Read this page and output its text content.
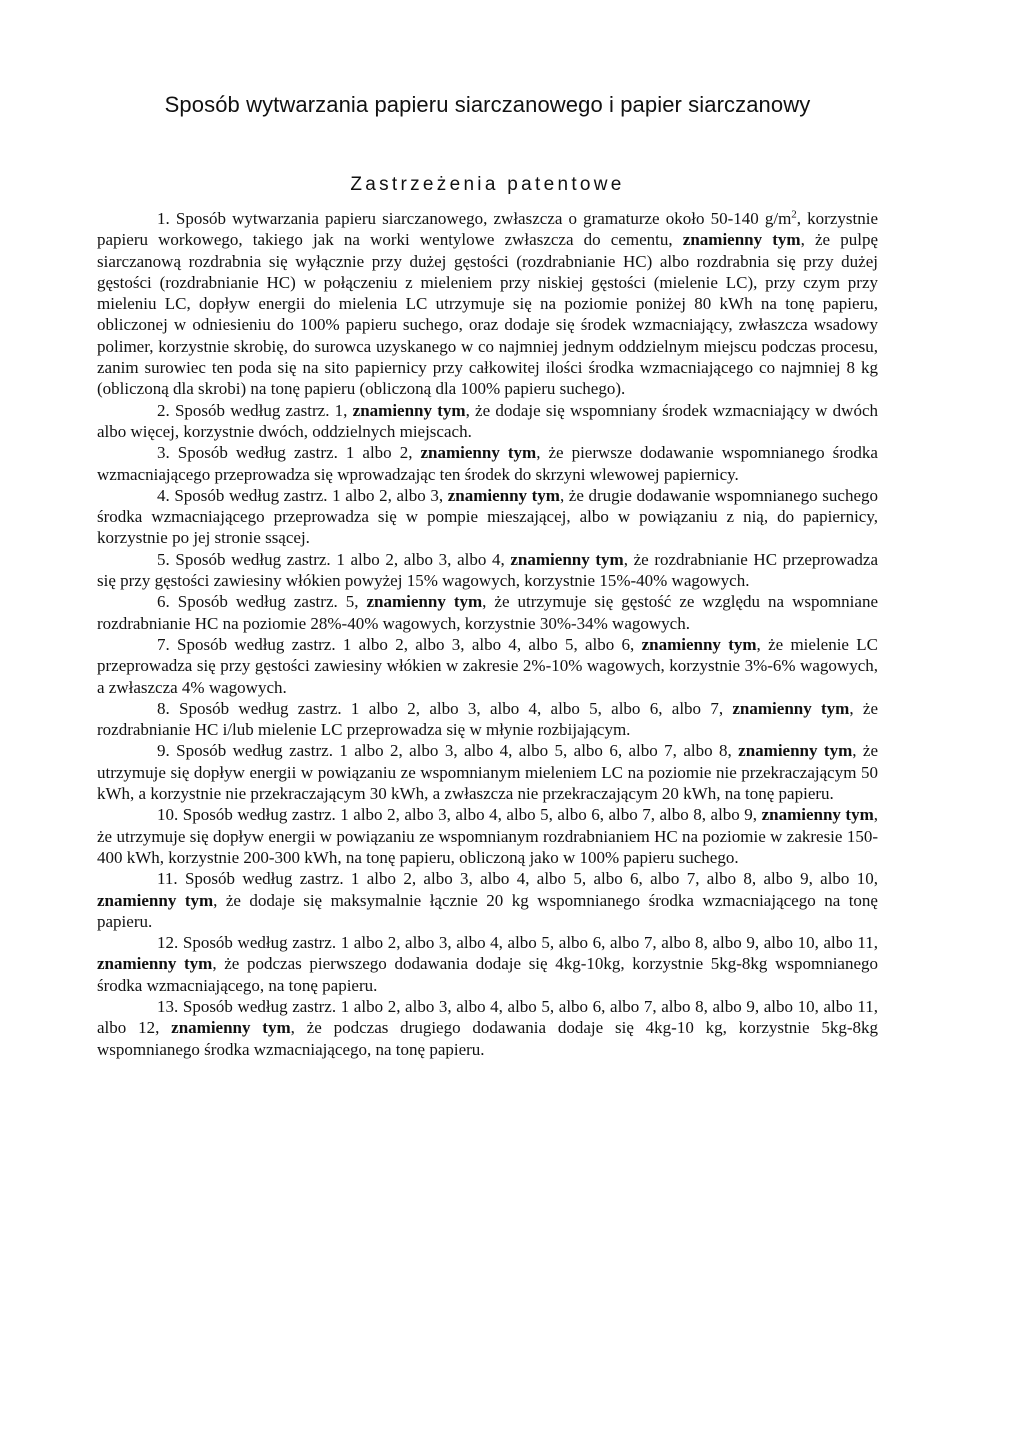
Sposób wytwarzania papieru siarczanowego i papier siarczanowy
Zastrzeżenia patentowe

1. Sposób wytwarzania papieru siarczanowego, zwłaszcza o gramaturze około 50-140 $g/m^2$, korzystnie papieru workowego, takiego jak na worki wentylowe zwłaszcza do cementu, znamienny tym, że pulpę siarczanową rozdrabnia się wyłącznie przy dużej gęstości (rozdrabnianie HC) albo rozdrabnia się przy dużej gęstości (rozdrabnianie HC) w połączeniu z mieleniem przy niskiej gęstości (mielenie LC), przy czym przy mieleniu LC, dopływ energii do mielenia LC utrzymuje się na poziomie poniżej 80 kWh na tonę papieru, obliczonej w odniesieniu do 100% papieru suchego, oraz dodaje się środek wzmacniający, zwłaszcza wsadowy polimer, korzystnie skrobię, do surowca uzyskanego w co najmniej jednym oddzielnym miejscu podczas procesu, zanim surowiec ten poda się na sito papiernicy przy całkowitej ilości środka wzmacniającego co najmniej 8 kg (obliczoną dla skrobi) na tonę papieru (obliczoną dla 100% papieru suchego).

2. Sposób według zastrz. 1, znamienny tym, że dodaje się wspomniany środek wzmacniający w dwóch albo więcej, korzystnie dwóch, oddzielnych miejscach.

3. Sposób według zastrz. 1 albo 2, znamienny tym, że pierwsze dodawanie wspomnianego środka wzmacniającego przeprowadza się wprowadzając ten środek do skrzyni wlewowej papiernicy.

4. Sposób według zastrz. 1 albo 2, albo 3, znamienny tym, że drugie dodawanie wspomnianego suchego środka wzmacniającego przeprowadza się w pompie mieszającej, albo w powiązaniu z nią, do papiernicy, korzystnie po jej stronie ssącej.

5. Sposób według zastrz. 1 albo 2, albo 3, albo 4, znamienny tym, że rozdrabnianie HC przeprowadza się przy gęstości zawiesiny włókien powyżej 15% wagowych, korzystnie 15%-40% wagowych.

6. Sposób według zastrz. 5, znamienny tym, że utrzymuje się gęstość ze względu na wspomniane rozdrabnianie HC na poziomie 28%-40% wagowych, korzystnie 30%-34% wagowych.

7. Sposób według zastrz. 1 albo 2, albo 3, albo 4, albo 5, albo 6, znamienny tym, że mielenie LC przeprowadza się przy gęstości zawiesiny włókien w zakresie 2%-10% wagowych, korzystnie 3%-6% wagowych, a zwłaszcza 4% wagowych.

8. Sposób według zastrz. 1 albo 2, albo 3, albo 4, albo 5, albo 6, albo 7, znamienny tym, że rozdrabnianie HC i/lub mielenie LC przeprowadza się w młynie rozbijającym.

9. Sposób według zastrz. 1 albo 2, albo 3, albo 4, albo 5, albo 6, albo 7, albo 8, znamienny tym, że utrzymuje się dopływ energii w powiązaniu ze wspomnianym mieleniem LC na poziomie nie przekraczającym 50 kWh, a korzystnie nie przekraczającym 30 kWh, a zwłaszcza nie przekraczającym 20 kWh, na tonę papieru.

10. Sposób według zastrz. 1 albo 2, albo 3, albo 4, albo 5, albo 6, albo 7, albo 8, albo 9, znamienny tym, że utrzymuje się dopływ energii w powiązaniu ze wspomnianym rozdrabnianiem HC na poziomie w zakresie 150-400 kWh, korzystnie 200-300 kWh, na tonę papieru, obliczoną jako w 100% papieru suchego.

11. Sposób według zastrz. 1 albo 2, albo 3, albo 4, albo 5, albo 6, albo 7, albo 8, albo 9, albo 10, znamienny tym, że dodaje się maksymalnie łącznie 20 kg wspomnianego środka wzmacniającego na tonę papieru.

12. Sposób według zastrz. 1 albo 2, albo 3, albo 4, albo 5, albo 6, albo 7, albo 8, albo 9, albo 10, albo 11, znamienny tym, że podczas pierwszego dodawania dodaje się 4kg-10kg, korzystnie 5kg-8kg wspomnianego środka wzmacniającego, na tonę papieru.

13. Sposób według zastrz. 1 albo 2, albo 3, albo 4, albo 5, albo 6, albo 7, albo 8, albo 9, albo 10, albo 11, albo 12, znamienny tym, że podczas drugiego dodawania dodaje się 4kg-10 kg, korzystnie 5kg-8kg wspomnianego środka wzmacniającego, na tonę papieru.
